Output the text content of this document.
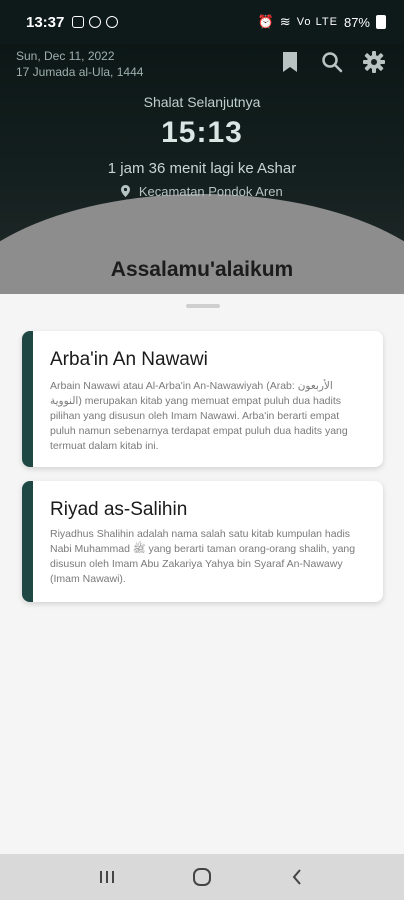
13:37	⏰ ≋ Vo LTE 87%
Sun, Dec 11, 2022
17 Jumada al-Ula, 1444
Shalat Selanjutnya
15:13
1 jam 36 menit lagi ke Ashar
Kecamatan Pondok Aren
Assalamu'alaikum
Arba'in An Nawawi
Arbain Nawawi atau Al-Arba'in An-Nawawiyah (Arab: الأربعون النووية) merupakan kitab yang memuat empat puluh dua hadits pilihan yang disusun oleh Imam Nawawi. Arba'in berarti empat puluh namun sebenarnya terdapat empat puluh dua hadits yang termuat dalam kitab ini.
Riyad as-Salihin
Riyadhus Shalihin adalah nama salah satu kitab kumpulan hadis Nabi Muhammad ﷺ yang berarti taman orang-orang shalih, yang disusun oleh Imam Abu Zakariya Yahya bin Syaraf An-Nawawy (Imam Nawawi).
